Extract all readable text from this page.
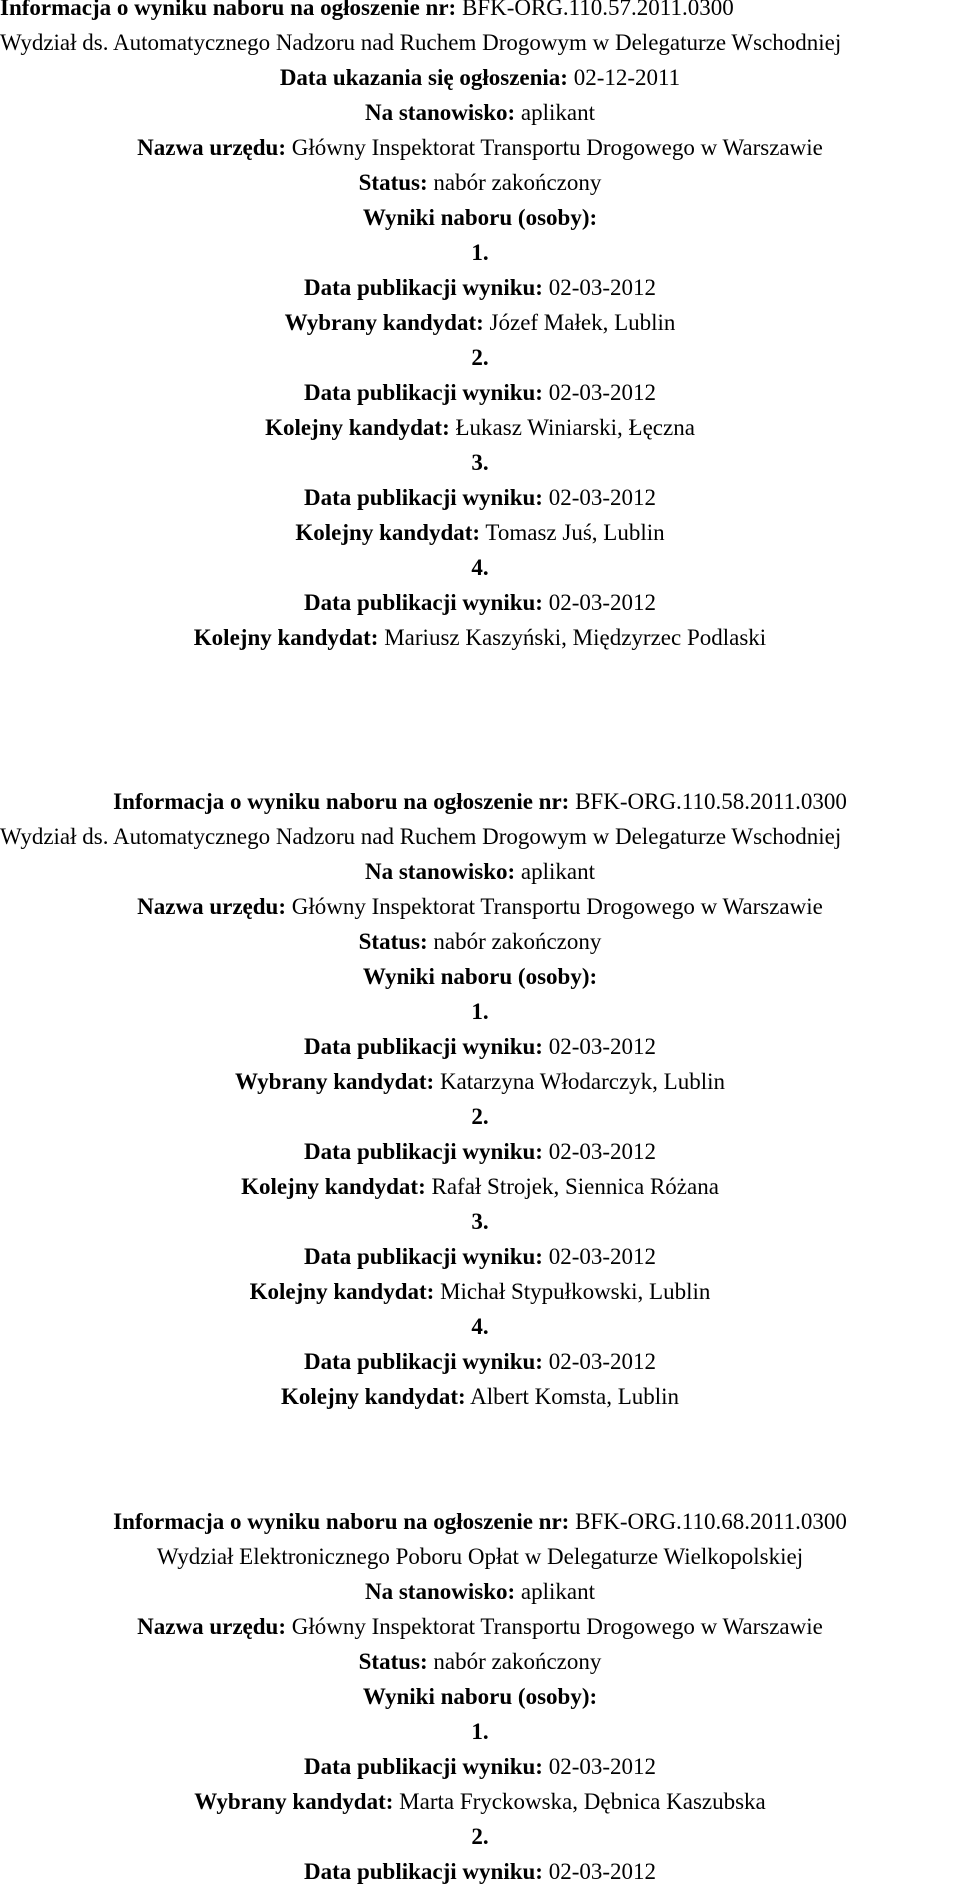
Informacja o wyniku naboru na ogłoszenie nr: BFK-ORG.110.57.2011.0300
Wydział ds. Automatycznego Nadzoru nad Ruchem Drogowym w Delegaturze Wschodniej
Data ukazania się ogłoszenia: 02-12-2011
Na stanowisko: aplikant
Nazwa urzędu: Główny Inspektorat Transportu Drogowego w Warszawie
Status: nabór zakończony
Wyniki naboru (osoby):
1.
Data publikacji wyniku: 02-03-2012
Wybrany kandydat: Józef Małek, Lublin
2.
Data publikacji wyniku: 02-03-2012
Kolejny kandydat: Łukasz Winiarski, Łęczna
3.
Data publikacji wyniku: 02-03-2012
Kolejny kandydat: Tomasz Juś, Lublin
4.
Data publikacji wyniku: 02-03-2012
Kolejny kandydat: Mariusz Kaszyński, Międzyrzec Podlaski
Informacja o wyniku naboru na ogłoszenie nr: BFK-ORG.110.58.2011.0300
Wydział ds. Automatycznego Nadzoru nad Ruchem Drogowym w Delegaturze Wschodniej
Na stanowisko: aplikant
Nazwa urzędu: Główny Inspektorat Transportu Drogowego w Warszawie
Status: nabór zakończony
Wyniki naboru (osoby):
1.
Data publikacji wyniku: 02-03-2012
Wybrany kandydat: Katarzyna Włodarczyk, Lublin
2.
Data publikacji wyniku: 02-03-2012
Kolejny kandydat: Rafał Strojek, Siennica Różana
3.
Data publikacji wyniku: 02-03-2012
Kolejny kandydat: Michał Stypułkowski, Lublin
4.
Data publikacji wyniku: 02-03-2012
Kolejny kandydat: Albert Komsta, Lublin
Informacja o wyniku naboru na ogłoszenie nr: BFK-ORG.110.68.2011.0300
Wydział Elektronicznego Poboru Opłat w Delegaturze Wielkopolskiej
Na stanowisko: aplikant
Nazwa urzędu: Główny Inspektorat Transportu Drogowego w Warszawie
Status: nabór zakończony
Wyniki naboru (osoby):
1.
Data publikacji wyniku: 02-03-2012
Wybrany kandydat: Marta Fryckowska, Dębnica Kaszubska
2.
Data publikacji wyniku: 02-03-2012
